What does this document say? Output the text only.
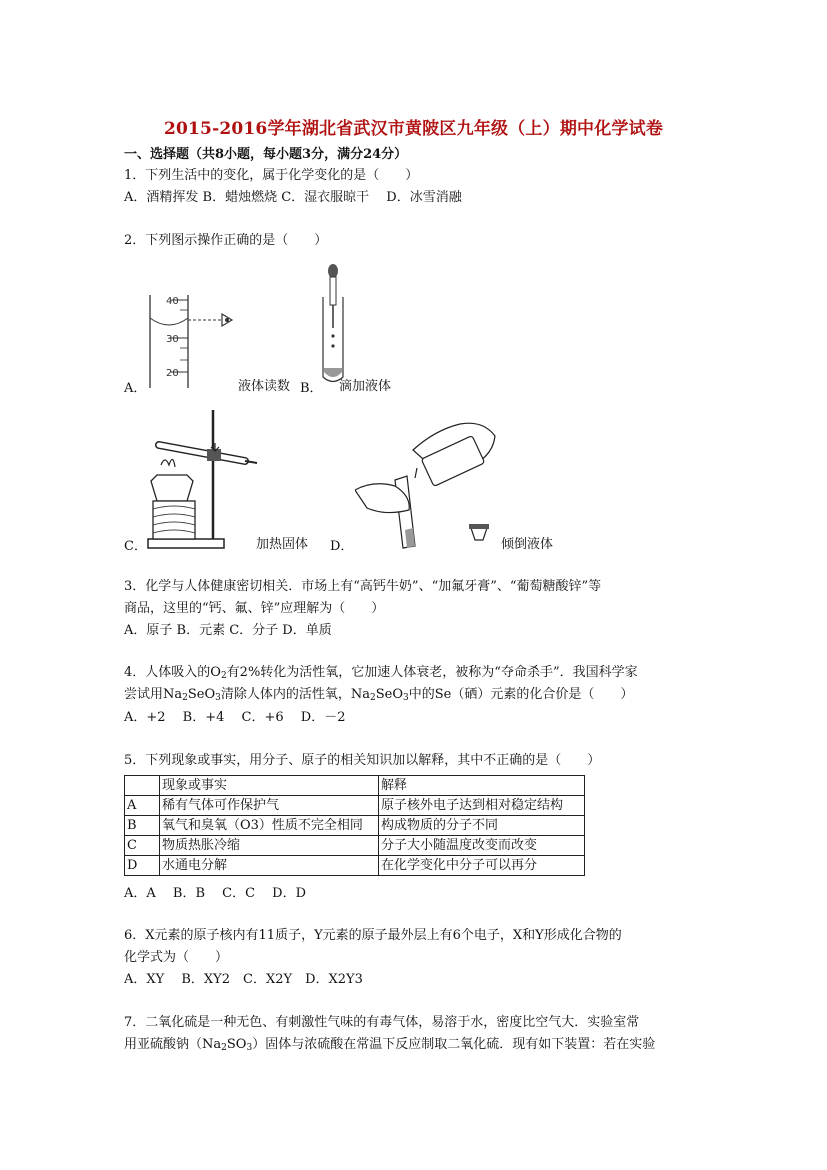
2015-2016学年湖北省武汉市黄陂区九年级（上）期中化学试卷
一、选择题（共8小题，每小题3分，满分24分）
1．下列生活中的变化，属于化学变化的是（　　）
A．酒精挥发 B．蜡烛燃烧 C．湿衣服晾干　 D．冰雪消融
2．下列图示操作正确的是（　　）
40
30
20
A．	液体读数 B． 滴加液体
C．	加热固体 D．	倾倒液体
3．化学与人体健康密切相关．市场上有“高钙牛奶”、“加氟牙膏”、“葡萄糖酸锌”等
商品，这里的“钙、氟、锌”应理解为（　　）
A．原子 B．元素 C．分子 D．单质
4．人体吸入的$O_2$有2%转化为活性氧，它加速人体衰老，被称为“夺命杀手”．我国科学家
尝试用$Na_2SeO_3$清除人体内的活性氧，$Na_2SeO_3$中的Se（硒）元素的化合价是（　　）
A．+2　 B．+4　 C．+6　 D．－2
5．下列现象或事实，用分子、原子的相关知识加以解释，其中不正确的是（　　）
	现象或事实	解释
A	稀有气体可作保护气	原子核外电子达到相对稳定结构
B	氧气和臭氧（O3）性质不完全相同	构成物质的分子不同
C	物质热胀冷缩	分子大小随温度改变而改变
D	水通电分解	在化学变化中分子可以再分
A．A　 B．B　 C．C　 D．D
6．X元素的原子核内有11质子，Y元素的原子最外层上有6个电子，X和Y形成化合物的
化学式为（　　）
A．XY　 B．XY2　C．X2Y　D．X2Y3
7．二氧化硫是一种无色、有刺激性气味的有毒气体，易溶于水，密度比空气大．实验室常
用亚硫酸钠$(Na_2SO_3)$固体与浓硫酸在常温下反应制取二氧化硫．现有如下装置：若在实验
